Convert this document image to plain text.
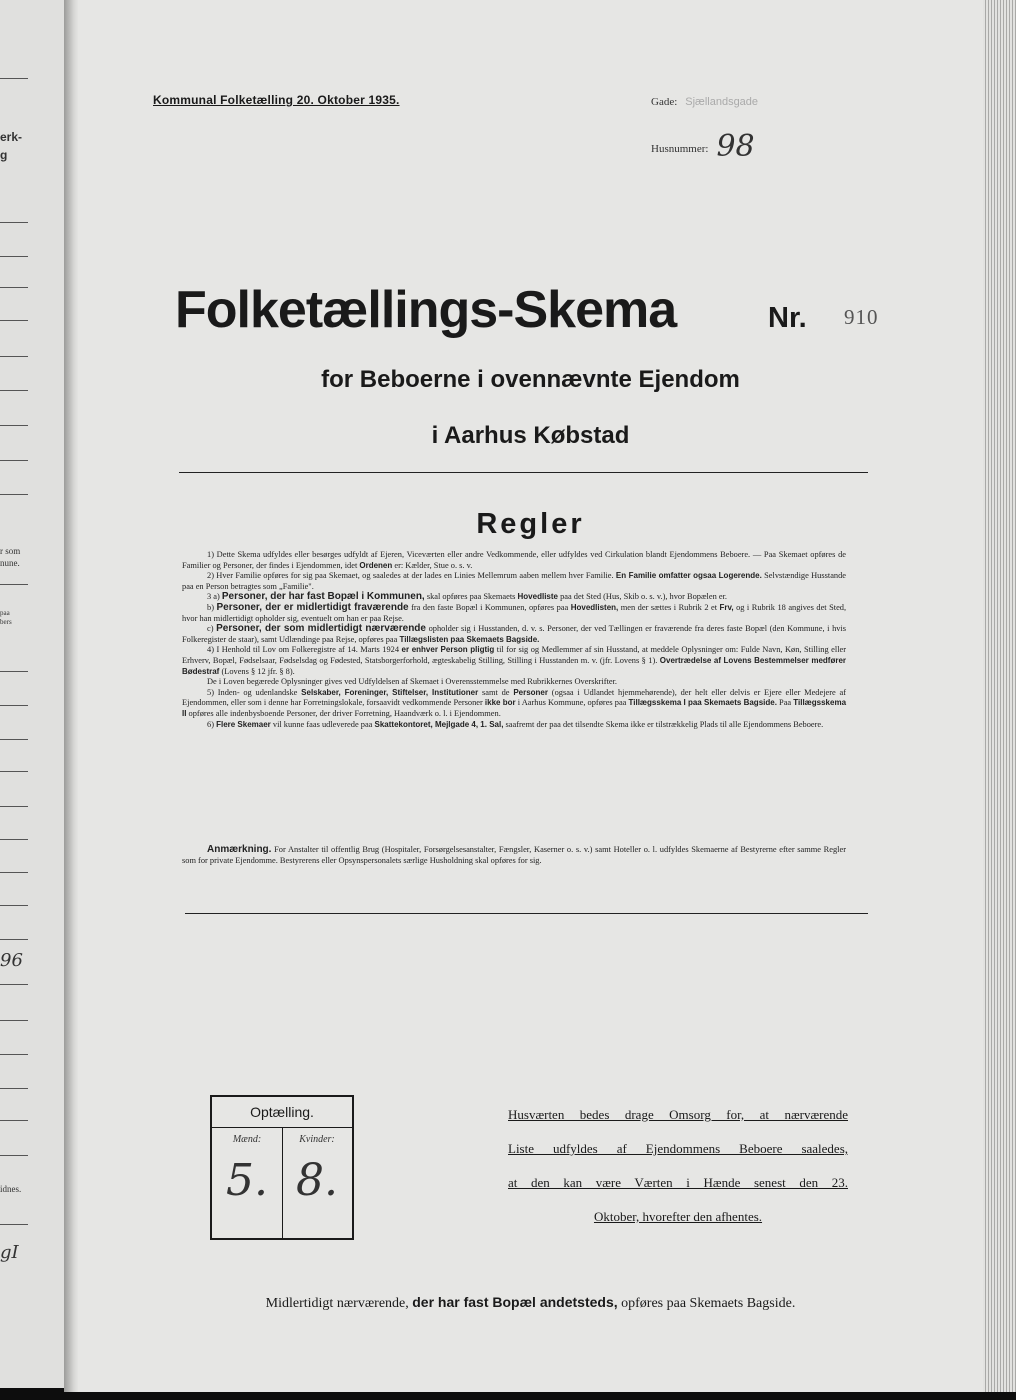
erk-
g
r som
nune.
paa
bers
96
idnes.
gI
Kommunal Folketælling 20. Oktober 1935.	Gade: Sjællandsgade
Husnummer: 98
Folketællings-Skema	Nr. 910
for Beboerne i ovennævnte Ejendom
i Aarhus Købstad
Regler

1) Dette Skema udfyldes eller besørges udfyldt af Ejeren, Viceværten eller andre Vedkommende, eller udfyldes ved Cirkulation blandt Ejendommens Beboere. — Paa Skemaet opføres de Familier og Personer, der findes i Ejendommen, idet Ordenen er: Kælder, Stue o. s. v.

2) Hver Familie opføres for sig paa Skemaet, og saaledes at der lades en Linies Mellemrum aaben mellem hver Familie. En Familie omfatter ogsaa Logerende. Selvstændige Husstande paa en Person betragtes som „Familie".

3 a) Personer, der har fast Bopæl i Kommunen, skal opføres paa Skemaets Hovedliste paa det Sted (Hus, Skib o. s. v.), hvor Bopælen er.

b) Personer, der er midlertidigt fraværende fra den faste Bopæl i Kommunen, opføres paa Hovedlisten, men der sættes i Rubrik 2 et Frv, og i Rubrik 18 angives det Sted, hvor han midlertidigt opholder sig, eventuelt om han er paa Rejse.

c) Personer, der som midlertidigt nærværende opholder sig i Husstanden, d. v. s. Personer, der ved Tællingen er fraværende fra deres faste Bopæl (den Kommune, i hvis Folkeregister de staar), samt Udlændinge paa Rejse, opføres paa Tillægslisten paa Skemaets Bagside.

4) I Henhold til Lov om Folkeregistre af 14. Marts 1924 er enhver Person pligtig til for sig og Medlemmer af sin Husstand, at meddele Oplysninger om: Fulde Navn, Køn, Stilling eller Erhverv, Bopæl, Fødselsaar, Fødselsdag og Fødested, Statsborgerforhold, ægteskabelig Stilling, Stilling i Husstanden m. v. (jfr. Lovens § 1). Overtrædelse af Lovens Bestemmelser medfører Bødestraf (Lovens § 12 jfr. § 8).

De i Loven begærede Oplysninger gives ved Udfyldelsen af Skemaet i Overensstemmelse med Rubrikkernes Overskrifter.

5) Inden- og udenlandske Selskaber, Foreninger, Stiftelser, Institutioner samt de Personer (ogsaa i Udlandet hjemmehørende), der helt eller delvis er Ejere eller Medejere af Ejendommen, eller som i denne har Forretningslokale, forsaavidt vedkommende Personer ikke bor i Aarhus Kommune, opføres paa Tillægsskema I paa Skemaets Bagside. Paa Tillægsskema II opføres alle indenbysboende Personer, der driver Forretning, Haandværk o. l. i Ejendommen.

6) Flere Skemaer vil kunne faas udleverede paa Skattekontoret, Mejlgade 4, 1. Sal, saafremt der paa det tilsendte Skema ikke er tilstrækkelig Plads til alle Ejendommens Beboere.

Anmærkning. For Anstalter til offentlig Brug (Hospitaler, Forsørgelsesanstalter, Fængsler, Kaserner o. s. v.) samt Hoteller o. l. udfyldes Skemaerne af Bestyrerne efter samme Regler som for private Ejendomme. Bestyrerens eller Opsynspersonalets særlige Husholdning skal opføres for sig.

Optælling.
Mænd:
5.
Kvinder:
8.
Husværten bedes drage Omsorg for, at nærværende
Liste udfyldes af Ejendommens Beboere saaledes,
at den kan være Værten i Hænde senest den 23.
Oktober, hvorefter den afhentes.
Midlertidigt nærværende, der har fast Bopæl andetsteds, opføres paa Skemaets Bagside.
